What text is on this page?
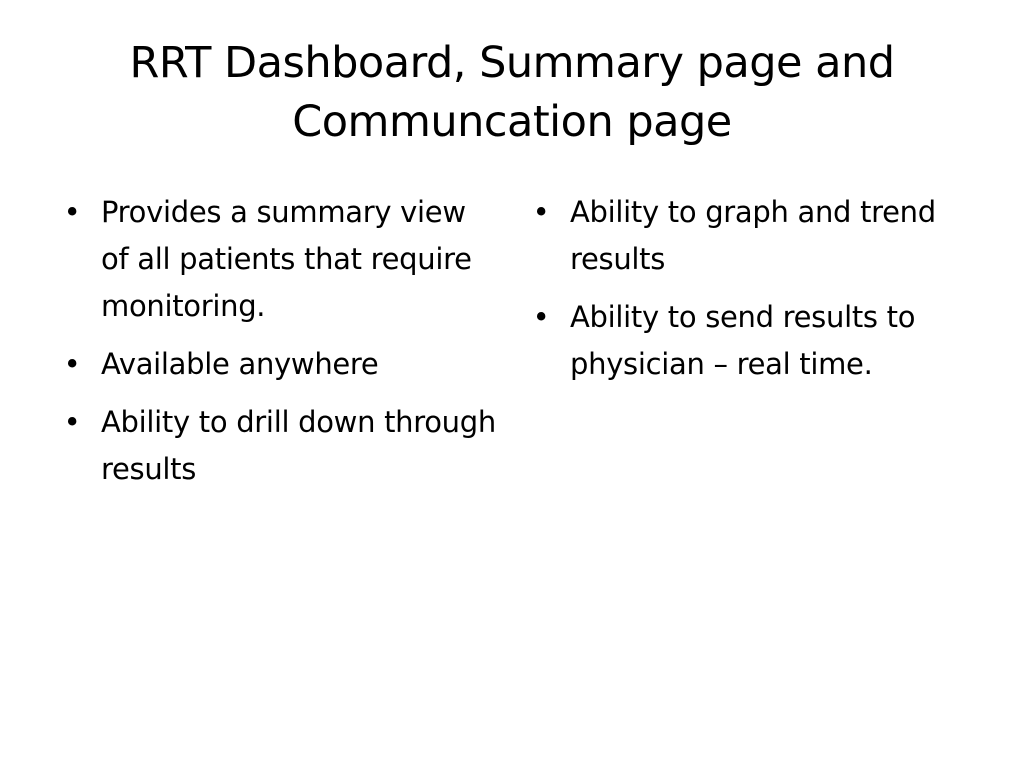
RRT Dashboard, Summary page and
Communcation page
• Provides a summary view of all patients that require monitoring.
• Available anywhere
• Ability to drill down through results
• Ability to graph and trend results
• Ability to send results to physician – real time.
